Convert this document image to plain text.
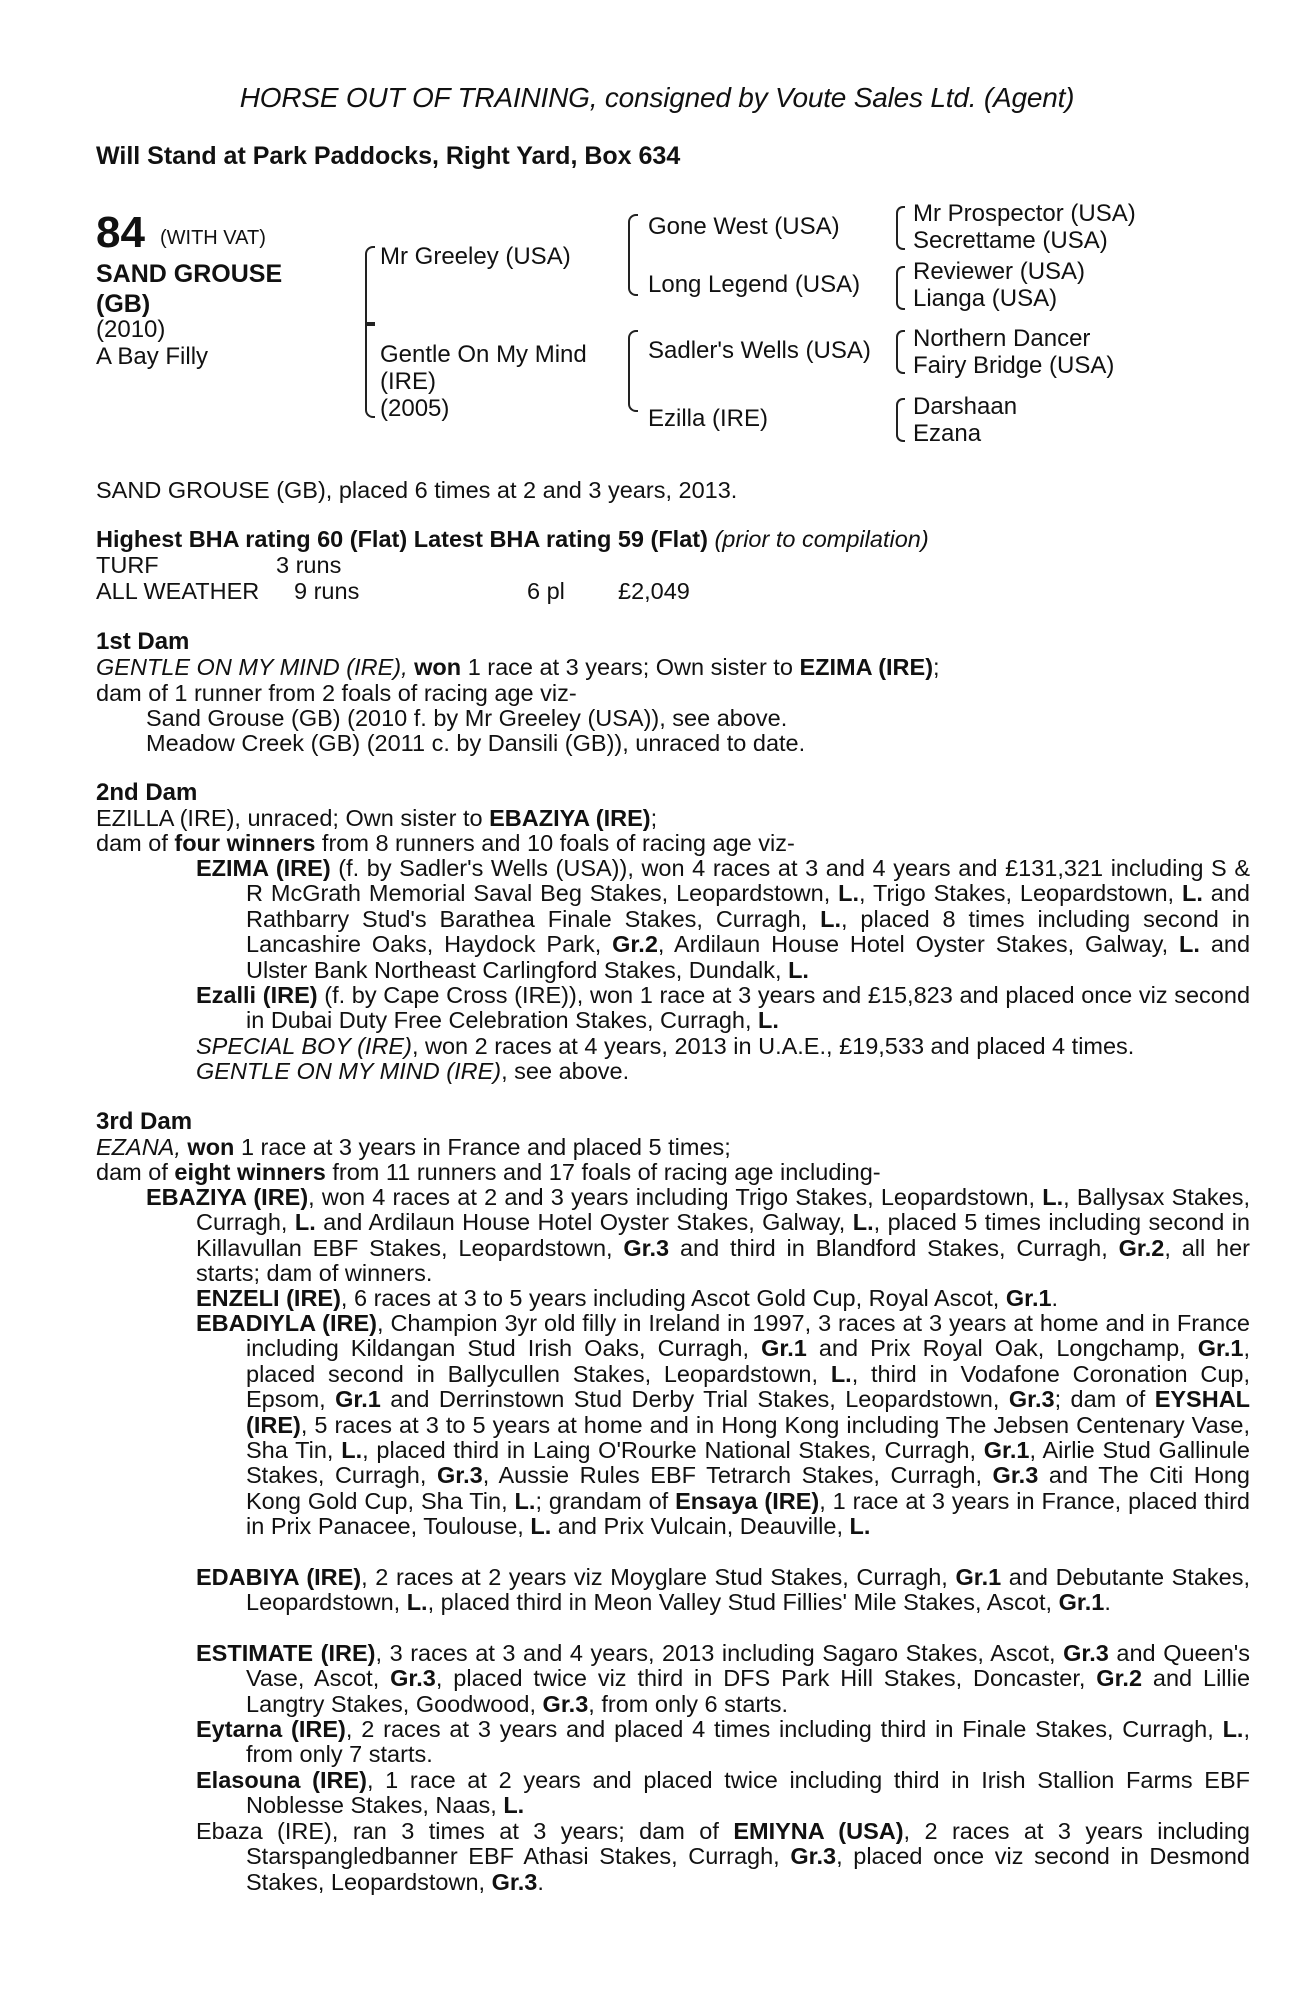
HORSE OUT OF TRAINING, consigned by Voute Sales Ltd. (Agent)
Will Stand at Park Paddocks, Right Yard, Box 634
84 (WITH VAT)
SAND GROUSE
(GB)
(2010)
A Bay Filly
Mr Greeley (USA)
Gentle On My Mind
(IRE)
(2005)
Gone West (USA)
Long Legend (USA)
Sadler's Wells (USA)
Ezilla (IRE)
Mr Prospector (USA)
Secrettame (USA)
Reviewer (USA)
Lianga (USA)
Northern Dancer
Fairy Bridge (USA)
Darshaan
Ezana
SAND GROUSE (GB), placed 6 times at 2 and 3 years, 2013.
Highest BHA rating 60 (Flat) Latest BHA rating 59 (Flat) (prior to compilation)
TURF	3 runs
ALL WEATHER 9 runs	6 pl £2,049
1st Dam
GENTLE ON MY MIND (IRE), won 1 race at 3 years; Own sister to EZIMA (IRE);
dam of 1 runner from 2 foals of racing age viz-
Sand Grouse (GB) (2010 f. by Mr Greeley (USA)), see above.
Meadow Creek (GB) (2011 c. by Dansili (GB)), unraced to date.
2nd Dam
EZILLA (IRE), unraced; Own sister to EBAZIYA (IRE);
dam of four winners from 8 runners and 10 foals of racing age viz-
EZIMA (IRE) (f. by Sadler's Wells (USA)), won 4 races at 3 and 4 years and £131,321 including S & R McGrath Memorial Saval Beg Stakes, Leopardstown, L., Trigo Stakes, Leopardstown, L. and Rathbarry Stud's Barathea Finale Stakes, Curragh, L., placed 8 times including second in Lancashire Oaks, Haydock Park, Gr.2, Ardilaun House Hotel Oyster Stakes, Galway, L. and Ulster Bank Northeast Carlingford Stakes, Dundalk, L.
Ezalli (IRE) (f. by Cape Cross (IRE)), won 1 race at 3 years and £15,823 and placed once viz second in Dubai Duty Free Celebration Stakes, Curragh, L.
SPECIAL BOY (IRE), won 2 races at 4 years, 2013 in U.A.E., £19,533 and placed 4 times.
GENTLE ON MY MIND (IRE), see above.
3rd Dam
EZANA, won 1 race at 3 years in France and placed 5 times;
dam of eight winners from 11 runners and 17 foals of racing age including-
EBAZIYA (IRE), won 4 races at 2 and 3 years including Trigo Stakes, Leopardstown, L., Ballysax Stakes, Curragh, L. and Ardilaun House Hotel Oyster Stakes, Galway, L., placed 5 times including second in Killavullan EBF Stakes, Leopardstown, Gr.3 and third in Blandford Stakes, Curragh, Gr.2, all her starts; dam of winners.
ENZELI (IRE), 6 races at 3 to 5 years including Ascot Gold Cup, Royal Ascot, Gr.1.
EBADIYLA (IRE), Champion 3yr old filly in Ireland in 1997, 3 races at 3 years at home and in France including Kildangan Stud Irish Oaks, Curragh, Gr.1 and Prix Royal Oak, Longchamp, Gr.1, placed second in Ballycullen Stakes, Leopardstown, L., third in Vodafone Coronation Cup, Epsom, Gr.1 and Derrinstown Stud Derby Trial Stakes, Leopardstown, Gr.3; dam of EYSHAL (IRE), 5 races at 3 to 5 years at home and in Hong Kong including The Jebsen Centenary Vase, Sha Tin, L., placed third in Laing O'Rourke National Stakes, Curragh, Gr.1, Airlie Stud Gallinule Stakes, Curragh, Gr.3, Aussie Rules EBF Tetrarch Stakes, Curragh, Gr.3 and The Citi Hong Kong Gold Cup, Sha Tin, L.; grandam of Ensaya (IRE), 1 race at 3 years in France, placed third in Prix Panacee, Toulouse, L. and Prix Vulcain, Deauville, L.
EDABIYA (IRE), 2 races at 2 years viz Moyglare Stud Stakes, Curragh, Gr.1 and Debutante Stakes, Leopardstown, L., placed third in Meon Valley Stud Fillies' Mile Stakes, Ascot, Gr.1.
ESTIMATE (IRE), 3 races at 3 and 4 years, 2013 including Sagaro Stakes, Ascot, Gr.3 and Queen's Vase, Ascot, Gr.3, placed twice viz third in DFS Park Hill Stakes, Doncaster, Gr.2 and Lillie Langtry Stakes, Goodwood, Gr.3, from only 6 starts.
Eytarna (IRE), 2 races at 3 years and placed 4 times including third in Finale Stakes, Curragh, L., from only 7 starts.
Elasouna (IRE), 1 race at 2 years and placed twice including third in Irish Stallion Farms EBF Noblesse Stakes, Naas, L.
Ebaza (IRE), ran 3 times at 3 years; dam of EMIYNA (USA), 2 races at 3 years including Starspangledbanner EBF Athasi Stakes, Curragh, Gr.3, placed once viz second in Desmond Stakes, Leopardstown, Gr.3.
